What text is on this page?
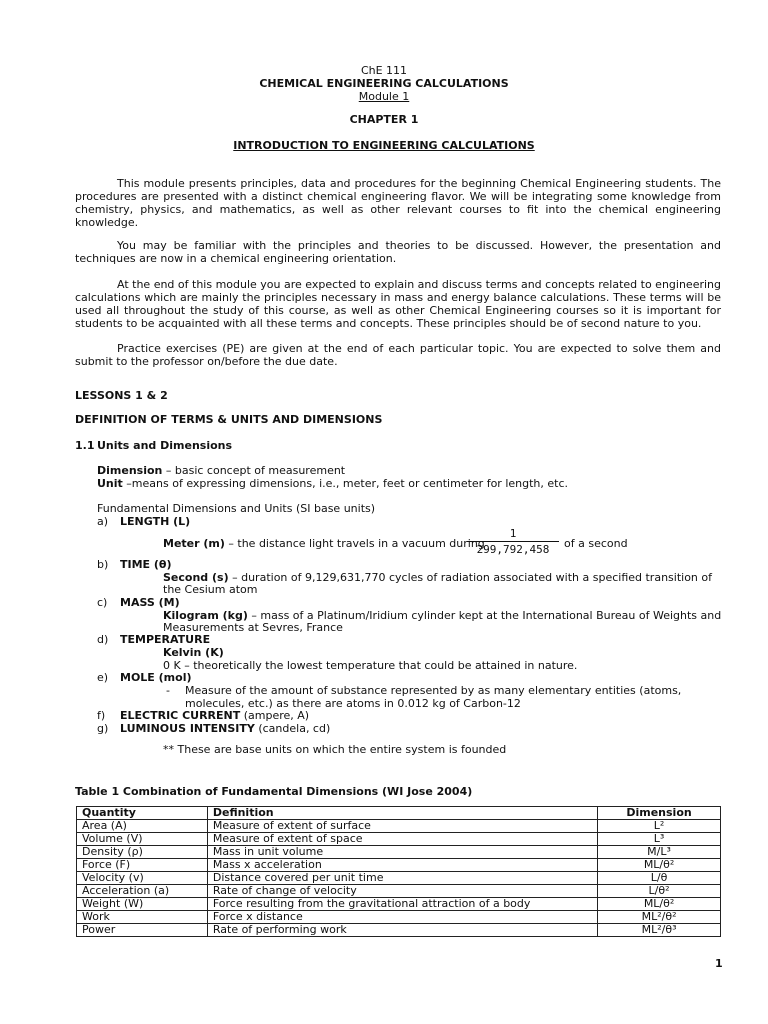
ChE 111
CHEMICAL ENGINEERING CALCULATIONS
Module 1
CHAPTER 1
INTRODUCTION TO ENGINEERING CALCULATIONS
This module presents principles, data and procedures for the beginning Chemical Engineering students. The procedures are presented with a distinct chemical engineering flavor. We will be integrating some knowledge from chemistry, physics, and mathematics, as well as other relevant courses to fit into the chemical engineering knowledge.
You may be familiar with the principles and theories to be discussed. However, the presentation and techniques are now in a chemical engineering orientation.
At the end of this module you are expected to explain and discuss terms and concepts related to engineering calculations which are mainly the principles necessary in mass and energy balance calculations. These terms will be used all throughout the study of this course, as well as other Chemical Engineering courses so it is important for students to be acquainted with all these terms and concepts. These principles should be of second nature to you.
Practice exercises (PE) are given at the end of each particular topic. You are expected to solve them and submit to the professor on/before the due date.
LESSONS 1 & 2
DEFINITION OF TERMS & UNITS AND DIMENSIONS
1.1 Units and Dimensions
Dimension – basic concept of measurement
Unit –means of expressing dimensions, i.e., meter, feet or centimeter for length, etc.
Fundamental Dimensions and Units (SI base units)
a) LENGTH (L)
Meter (m) – the distance light travels in a vacuum during
$\frac{1}{299,792,458}$ of a second
b) TIME (θ)
Second (s) – duration of 9,129,631,770 cycles of radiation associated with a specified transition of
the Cesium atom
c) MASS (M)
Kilogram (kg) – mass of a Platinum/Iridium cylinder kept at the International Bureau of Weights and
Measurements at Sevres, France
d) TEMPERATURE
Kelvin (K)
0 K – theoretically the lowest temperature that could be attained in nature.
e) MOLE (mol)
- Measure of the amount of substance represented by as many elementary entities (atoms,
molecules, etc.) as there are atoms in 0.012 kg of Carbon-12
f) ELECTRIC CURRENT (ampere, A)
g) LUMINOUS INTENSITY (candela, cd)
** These are base units on which the entire system is founded
Table 1 Combination of Fundamental Dimensions (WI Jose 2004)
Quantity	Definition	Dimension
Area (A)	Measure of extent of surface	L²
Volume (V)	Measure of extent of space	L³
Density (ρ)	Mass in unit volume	M/L³
Force (F)	Mass x acceleration	ML/θ²
Velocity (v)	Distance covered per unit time	L/θ
Acceleration (a)	Rate of change of velocity	L/θ²
Weight (W)	Force resulting from the gravitational attraction of a body	ML/θ²
Work	Force x distance	ML²/θ²
Power	Rate of performing work	ML²/θ³
1
